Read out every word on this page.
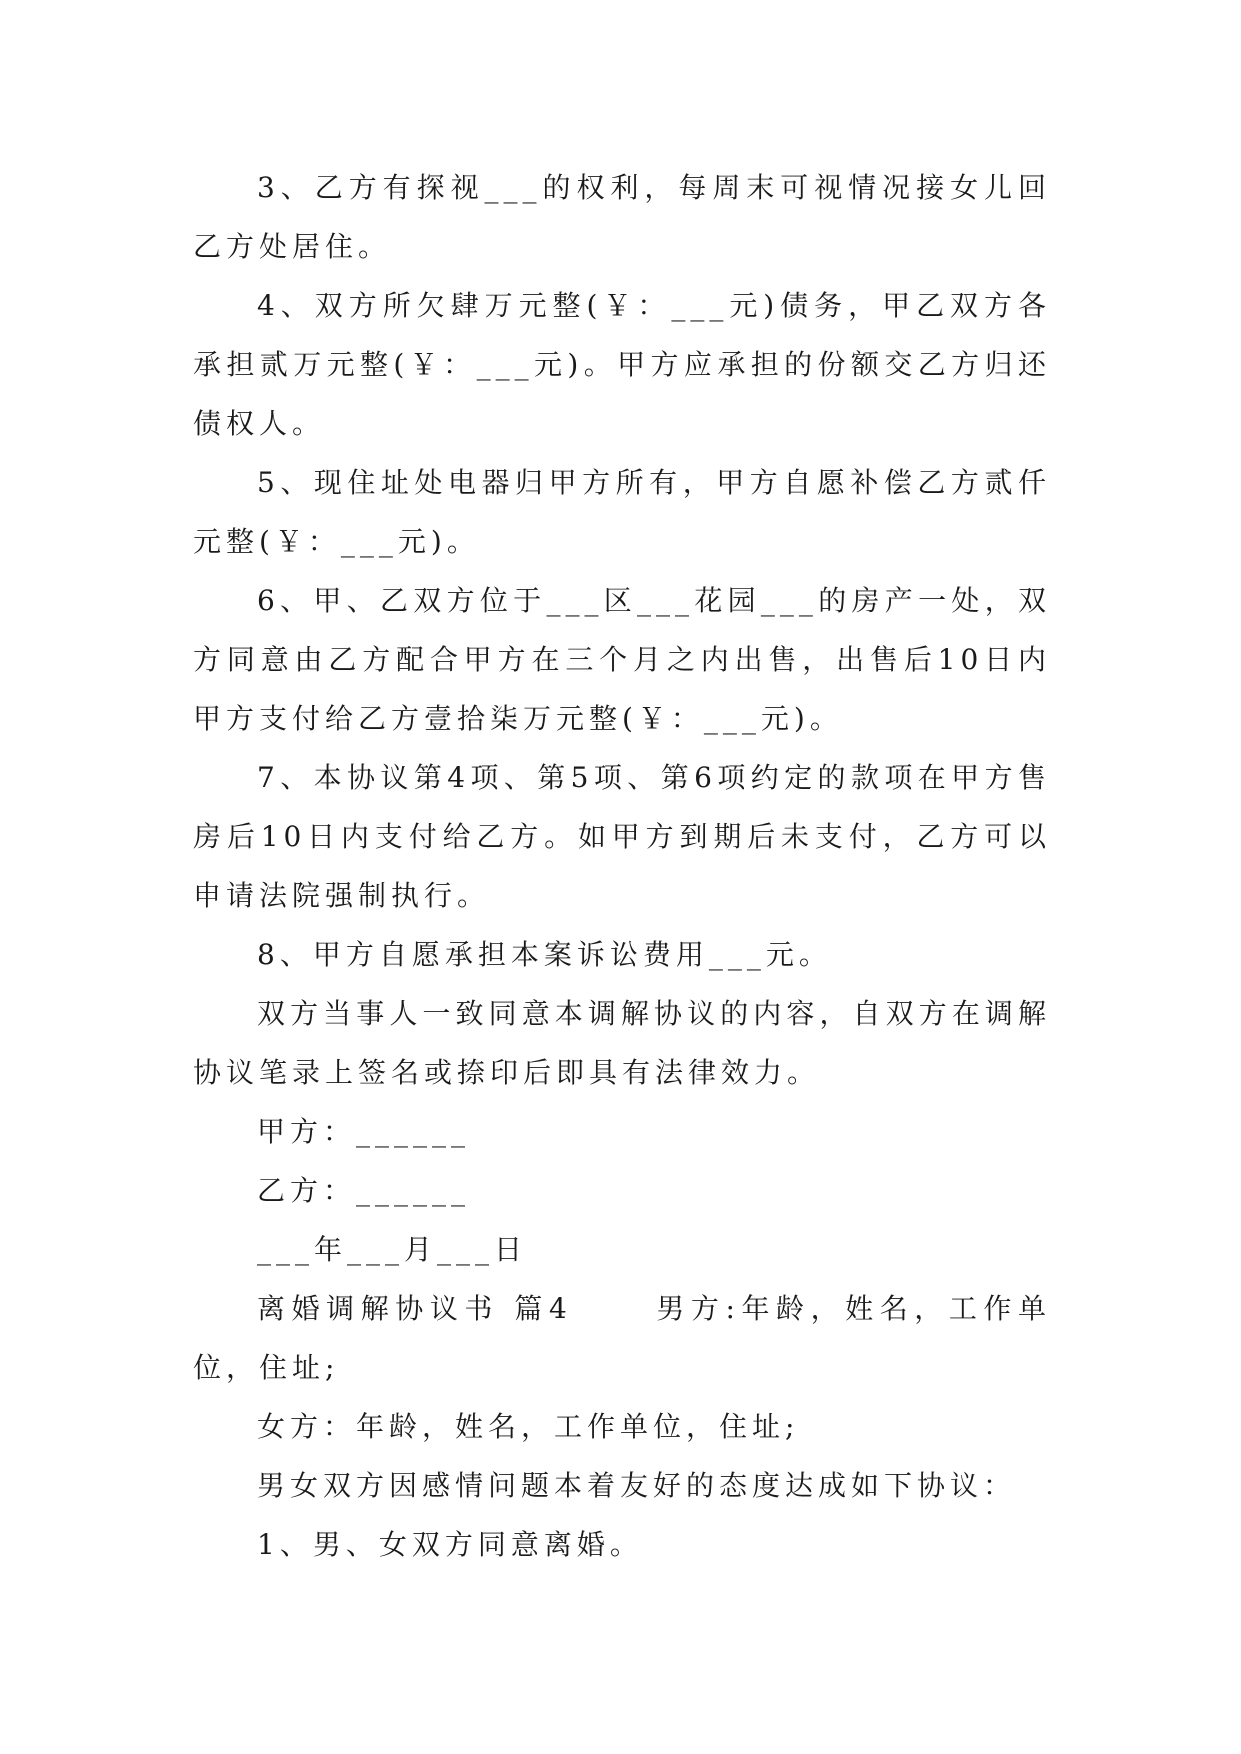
3、乙方有探视___的权利，每周末可视情况接女儿回乙方处居住。

4、双方所欠肆万元整(￥：___元)债务，甲乙双方各承担贰万元整(￥：___元)。甲方应承担的份额交乙方归还债权人。

5、现住址处电器归甲方所有，甲方自愿补偿乙方贰仟元整(￥：___元)。

6、甲、乙双方位于___区___花园___的房产一处，双方同意由乙方配合甲方在三个月之内出售，出售后10日内甲方支付给乙方壹拾柒万元整(￥：___元)。

7、本协议第4项、第5项、第6项约定的款项在甲方售房后10日内支付给乙方。如甲方到期后未支付，乙方可以申请法院强制执行。

8、甲方自愿承担本案诉讼费用___元。

双方当事人一致同意本调解协议的内容，自双方在调解协议笔录上签名或捺印后即具有法律效力。

甲方：______

乙方：______

___年___月___日

离婚调解协议书 篇4 　　男方:年龄，姓名，工作单位，住址;

女方：年龄，姓名，工作单位，住址;

男女双方因感情问题本着友好的态度达成如下协议：

1、男、女双方同意离婚。
